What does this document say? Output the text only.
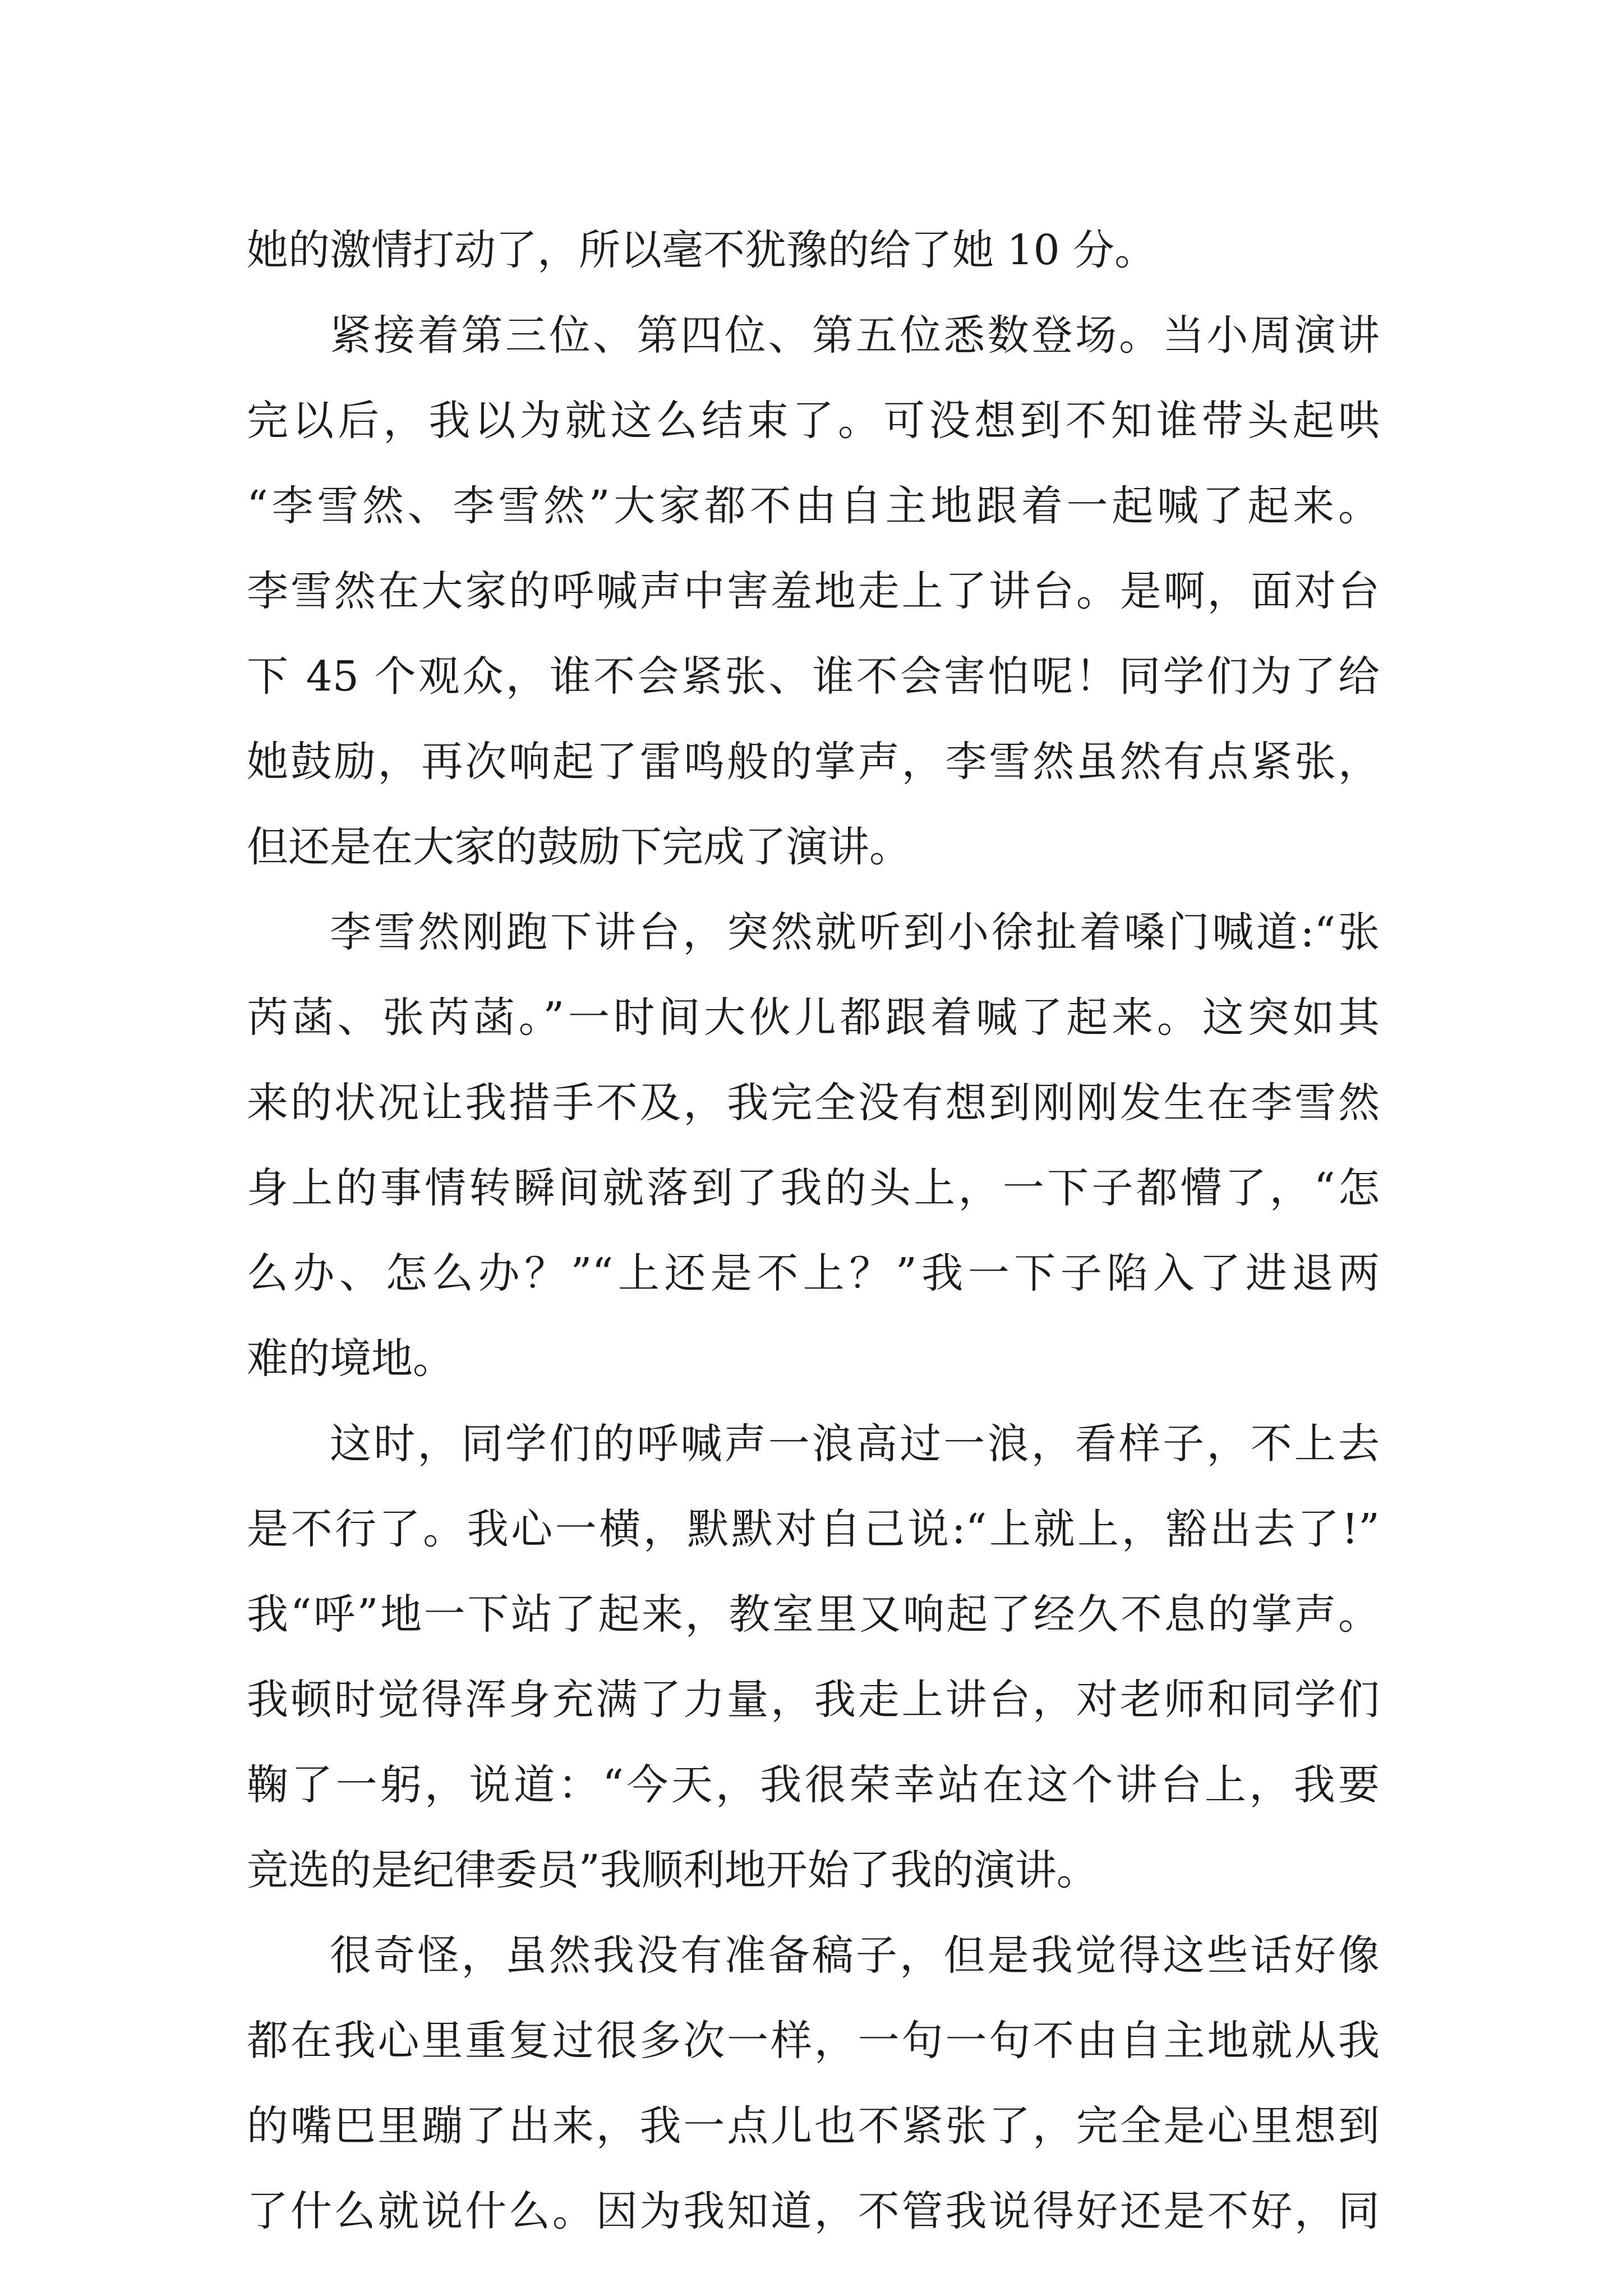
她的激情打动了，所以毫不犹豫的给了她 10 分。
紧接着第三位、第四位、第五位悉数登场。当小周演讲
完以后，我以为就这么结束了。可没想到不知谁带头起哄
“李雪然、李雪然”大家都不由自主地跟着一起喊了起来。
李雪然在大家的呼喊声中害羞地走上了讲台。是啊，面对台
下 45 个观众，谁不会紧张、谁不会害怕呢！同学们为了给
她鼓励，再次响起了雷鸣般的掌声，李雪然虽然有点紧张，
但还是在大家的鼓励下完成了演讲。
李雪然刚跑下讲台，突然就听到小徐扯着嗓门喊道:“张
芮菡、张芮菡。”一时间大伙儿都跟着喊了起来。这突如其
来的状况让我措手不及，我完全没有想到刚刚发生在李雪然
身上的事情转瞬间就落到了我的头上，一下子都懵了，“怎
么办、怎么办？”“上还是不上？”我一下子陷入了进退两
难的境地。
这时，同学们的呼喊声一浪高过一浪，看样子，不上去
是不行了。我心一横，默默对自己说:“上就上，豁出去了!”
我“呼”地一下站了起来，教室里又响起了经久不息的掌声。
我顿时觉得浑身充满了力量，我走上讲台，对老师和同学们
鞠了一躬，说道：“今天，我很荣幸站在这个讲台上，我要
竞选的是纪律委员”我顺利地开始了我的演讲。
很奇怪，虽然我没有准备稿子，但是我觉得这些话好像
都在我心里重复过很多次一样，一句一句不由自主地就从我
的嘴巴里蹦了出来，我一点儿也不紧张了，完全是心里想到
了什么就说什么。因为我知道，不管我说得好还是不好，同
